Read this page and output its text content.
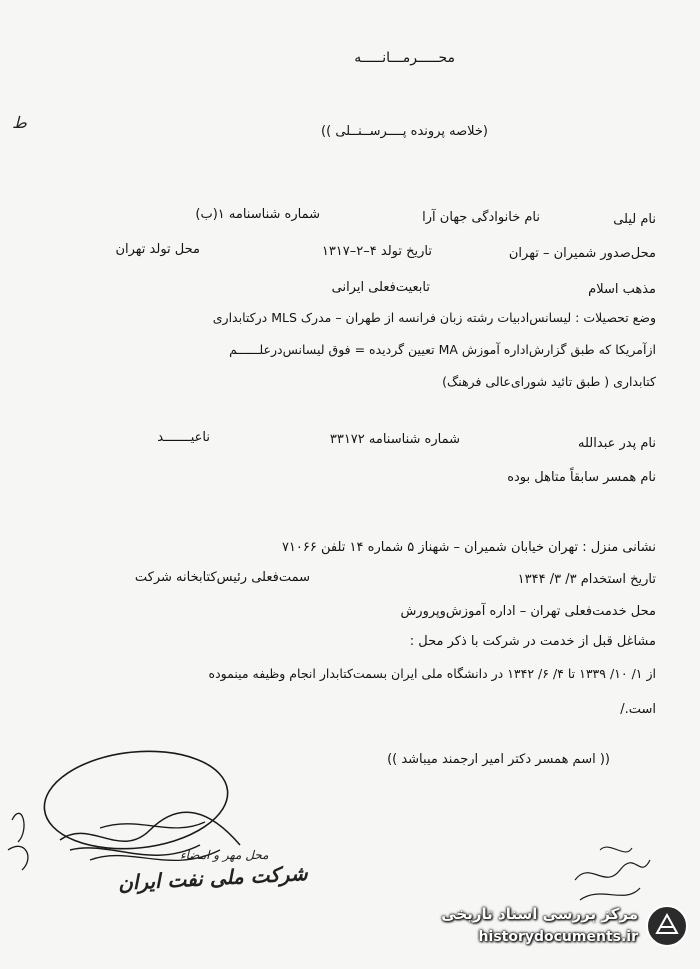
محـــــرمـــانـــــه
ط	(خلاصه پرونده پــــرســنــلی ))
نام لیلی
نام خانوادگی جهان آرا
شماره شناسنامه ۱(ب)
محل‌صدور شمیران – تهران
تاریخ تولد ۴–۲–۱۳۱۷
محل تولد تهران
مذهب اسلام
تابعیت‌فعلی ایرانی
وضع تحصیلات : لیسانس‌ادبیات رشته زبان فرانسه از طهران – مدرک MLS درکتابداری
ازآمریکا که طبق گزارش‌اداره آموزش MA تعیین گردیده = فوق لیسانس‌درعلــــــم
کتابداری ( طبق تائید شورای‌عالی فرهنگ)
نام پدر عبدالله
شماره شناسنامه ۳۳۱۷۲
ناعیـــــــد
نام همسر سابقاً متاهل بوده
نشانی منزل : تهران خیابان شمیران – شهناز ۵ شماره ۱۴ تلفن ۷۱۰۶۶
تاریخ استخدام ۳/ ۳/ ۱۳۴۴
سمت‌فعلی رئیس‌کتابخانه شرکت
محل خدمت‌فعلی تهران – اداره آموزش‌وپرورش
مشاغل قبل از خدمت در شرکت با ذکر محل :
از ۱/ ۱۰/ ۱۳۳۹ تا ۴/ ۶/ ۱۳۴۲ در دانشگاه ملی ایران بسمت‌کتابدار انجام وظیفه مینموده
است./
(( اسم همسر دکتر امیر ارجمند میباشد ))
محل مهر و امضاء
شرکت ملی نفت ایران
مرکز بررسی اسناد تاریخی
historydocuments.ir
